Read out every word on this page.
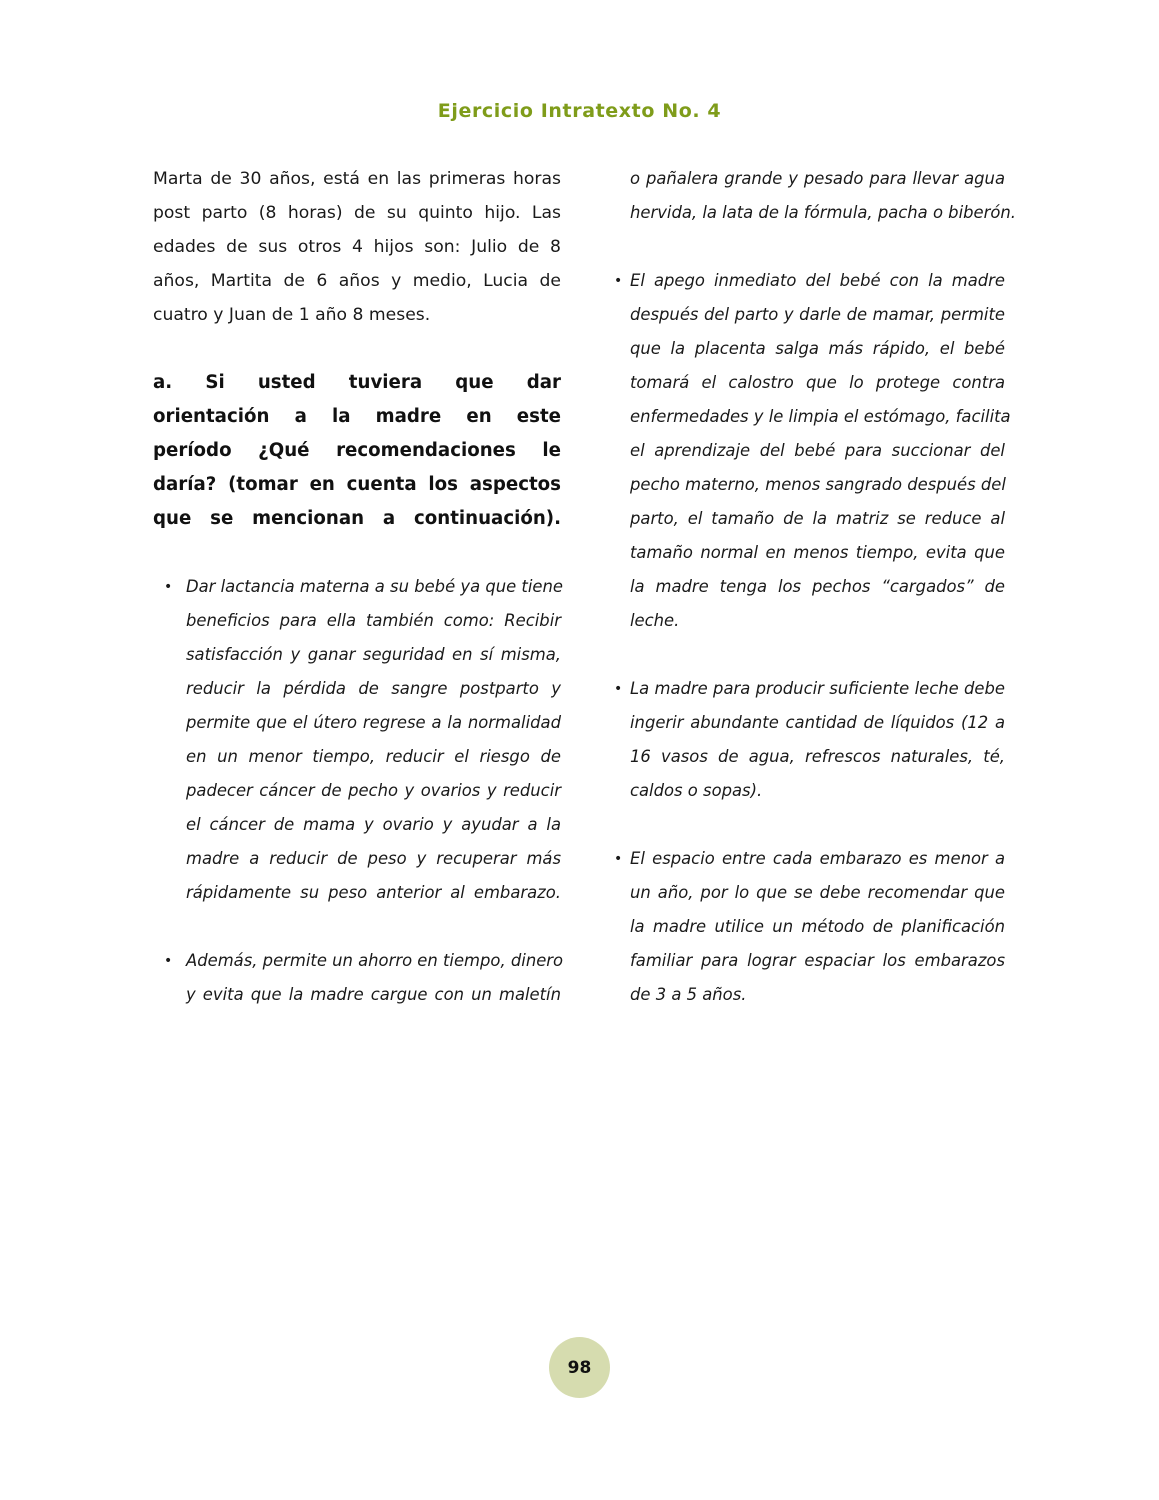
Ejercicio Intratexto No. 4
Marta de 30 años, está en las primeras horas
post parto (8 horas) de su quinto hijo. Las
edades de sus otros 4 hijos son: Julio de 8
años, Martita de 6 años y medio, Lucia de
cuatro y Juan de 1 año 8 meses.
a. Si usted tuviera que dar
orientación a la madre en este
período ¿Qué recomendaciones le
daría? (tomar en cuenta los aspectos
que se mencionan a continuación).
• Dar lactancia materna a su bebé ya que tiene
beneficios para ella también como: Recibir
satisfacción y ganar seguridad en sí misma,
reducir la pérdida de sangre postparto y
permite que el útero regrese a la normalidad
en un menor tiempo, reducir el riesgo de
padecer cáncer de pecho y ovarios y reducir
el cáncer de mama y ovario y ayudar a la
madre a reducir de peso y recuperar más
rápidamente su peso anterior al embarazo.
• Además, permite un ahorro en tiempo, dinero
y evita que la madre cargue con un maletín
o pañalera grande y pesado para llevar agua
hervida, la lata de la fórmula, pacha o biberón.
• El apego inmediato del bebé con la madre
después del parto y darle de mamar, permite
que la placenta salga más rápido, el bebé
tomará el calostro que lo protege contra
enfermedades y le limpia el estómago, facilita
el aprendizaje del bebé para succionar del
pecho materno, menos sangrado después del
parto, el tamaño de la matriz se reduce al
tamaño normal en menos tiempo, evita que
la madre tenga los pechos “cargados” de
leche.
• La madre para producir suficiente leche debe
ingerir abundante cantidad de líquidos (12 a
16 vasos de agua, refrescos naturales, té,
caldos o sopas).
• El espacio entre cada embarazo es menor a
un año, por lo que se debe recomendar que
la madre utilice un método de planificación
familiar para lograr espaciar los embarazos
de 3 a 5 años.
98
